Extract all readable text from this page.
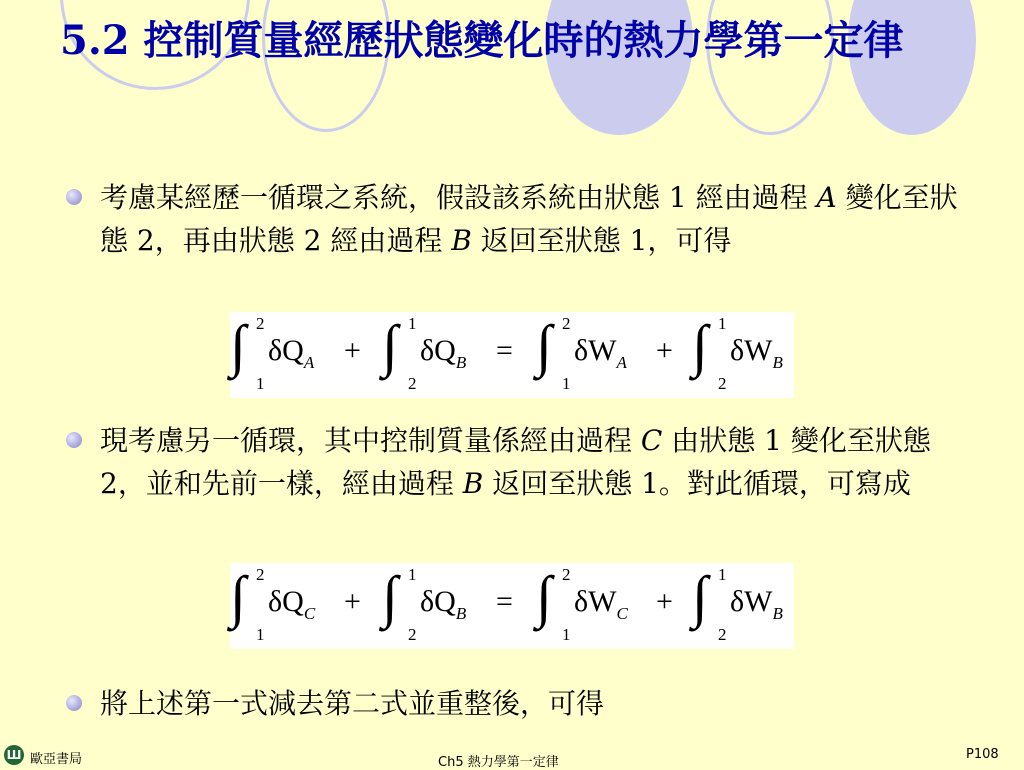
5.2 控制質量經歷狀態變化時的熱力學第一定律
考慮某經歷一循環之系統，假設該系統由狀態 1 經由過程 A 變化至狀態 2，再由狀態 2 經由過程 B 返回至狀態 1，可得
∫ 2
1
$\delta Q_A$ + ∫ 1
2
$\delta Q_B$ = ∫ 2
1
$\delta W_A$ + ∫ 1
2
$\delta W_B$
現考慮另一循環，其中控制質量係經由過程 C 由狀態 1 變化至狀態 2，並和先前一樣，經由過程 B 返回至狀態 1。對此循環，可寫成
∫ 2
1
$\delta Q_C$ + ∫ 1
2
$\delta Q_B$ = ∫ 2
1
$\delta W_C$ + ∫ 1
2
$\delta W_B$
將上述第一式減去第二式並重整後，可得
Ш 歐亞書局	Ch5 熱力學第一定律
P108
